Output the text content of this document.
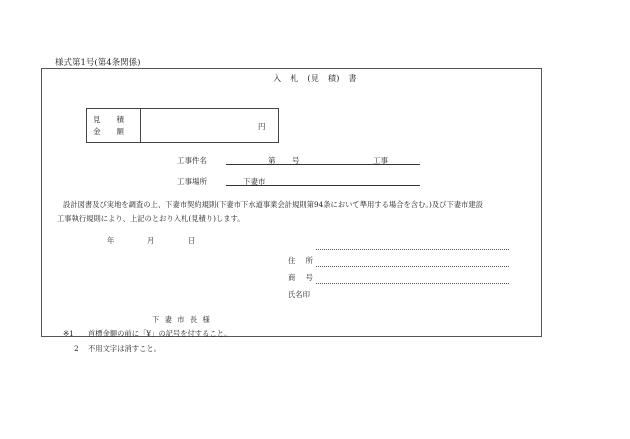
様式第1号(第4条関係)
入 札 (見 積) 書
見積
金額
円
工事件名	第 号	工事
工事場所	下妻市
設計図書及び実地を調査の上、下妻市契約規則(下妻市下水道事業会計規則第94条において準用する場合を含む。)及び下妻市建設
工事執行規則により、上記のとおり入札(見積り)します。
年	月	日
住 所
商 号
氏名印
下 妻 市 長 様
※1 首標金額の前に「¥」の記号を付すること。
2 不用文字は消すこと。
